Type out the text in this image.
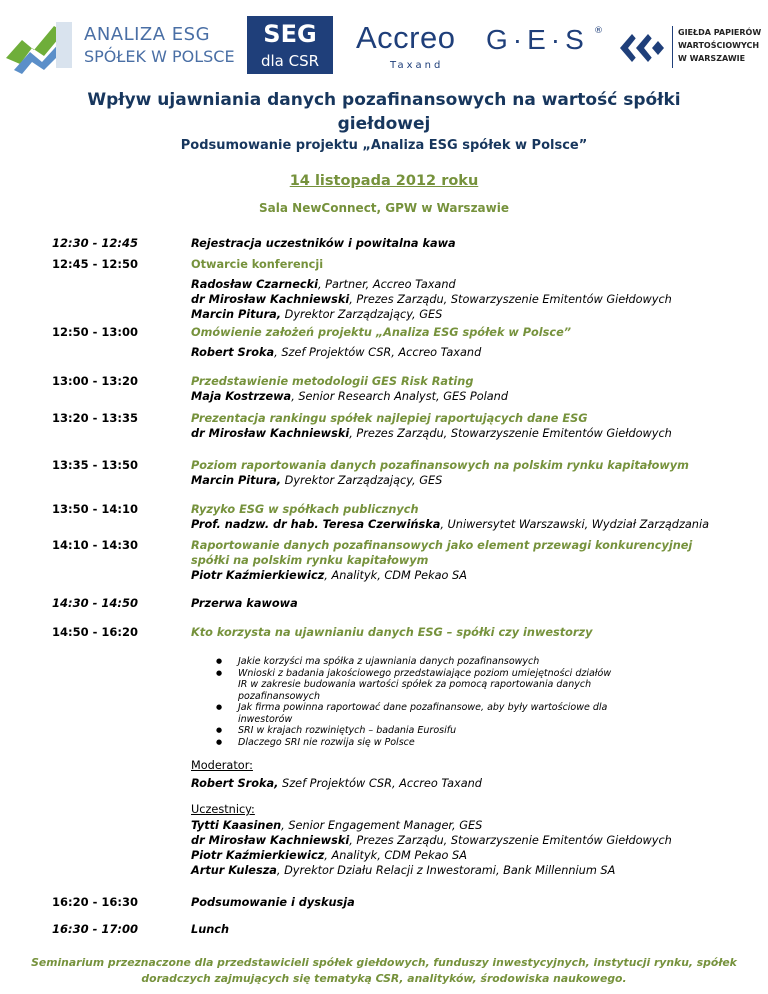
ANALIZA ESG
SPÓŁEK W POLSCE
SEG
dla CSR
Accreo
Taxand
G·E·S ®	GIEŁDA PAPIERÓW
WARTOŚCIOWYCH
W WARSZAWIE
Wpływ ujawniania danych pozafinansowych na wartość spółki giełdowej
Podsumowanie projektu „Analiza ESG spółek w Polsce”
14 listopada 2012 roku
Sala NewConnect, GPW w Warszawie
12:30 - 12:45	Rejestracja uczestników i powitalna kawa
12:45 - 12:50	Otwarcie konferencji
Radosław Czarnecki, Partner, Accreo Taxand
dr Mirosław Kachniewski, Prezes Zarządu, Stowarzyszenie Emitentów Giełdowych
Marcin Pitura, Dyrektor Zarządzający, GES
12:50 - 13:00	Omówienie założeń projektu „Analiza ESG spółek w Polsce”
Robert Sroka, Szef Projektów CSR, Accreo Taxand
13:00 - 13:20	Przedstawienie metodologii GES Risk Rating
Maja Kostrzewa, Senior Research Analyst, GES Poland
13:20 - 13:35	Prezentacja rankingu spółek najlepiej raportujących dane ESG
dr Mirosław Kachniewski, Prezes Zarządu, Stowarzyszenie Emitentów Giełdowych
13:35 - 13:50	Poziom raportowania danych pozafinansowych na polskim rynku kapitałowym
Marcin Pitura, Dyrektor Zarządzający, GES
13:50 - 14:10	Ryzyko ESG w spółkach publicznych
Prof. nadzw. dr hab. Teresa Czerwińska, Uniwersytet Warszawski, Wydział Zarządzania
14:10 - 14:30	Raportowanie danych pozafinansowych jako element przewagi konkurencyjnej
spółki na polskim rynku kapitałowym
Piotr Kaźmierkiewicz, Analityk, CDM Pekao SA
14:30 - 14:50	Przerwa kawowa
14:50 - 16:20	Kto korzysta na ujawnianiu danych ESG – spółki czy inwestorzy
● Jakie korzyści ma spółka z ujawniania danych pozafinansowych
● Wnioski z badania jakościowego przedstawiające poziom umiejętności działów IR w zakresie budowania wartości spółek za pomocą raportowania danych pozafinansowych
● Jak firma powinna raportować dane pozafinansowe, aby były wartościowe dla inwestorów
● SRI w krajach rozwiniętych – badania Eurosifu
● Dlaczego SRI nie rozwija się w Polsce
Moderator:
Robert Sroka, Szef Projektów CSR, Accreo Taxand
Uczestnicy:
Tytti Kaasinen, Senior Engagement Manager, GES
dr Mirosław Kachniewski, Prezes Zarządu, Stowarzyszenie Emitentów Giełdowych
Piotr Kaźmierkiewicz, Analityk, CDM Pekao SA
Artur Kulesza, Dyrektor Działu Relacji z Inwestorami, Bank Millennium SA
16:20 - 16:30	Podsumowanie i dyskusja
16:30 - 17:00	Lunch
Seminarium przeznaczone dla przedstawicieli spółek giełdowych, funduszy inwestycyjnych, instytucji rynku, spółek
doradczych zajmujących się tematyką CSR, analityków, środowiska naukowego.
